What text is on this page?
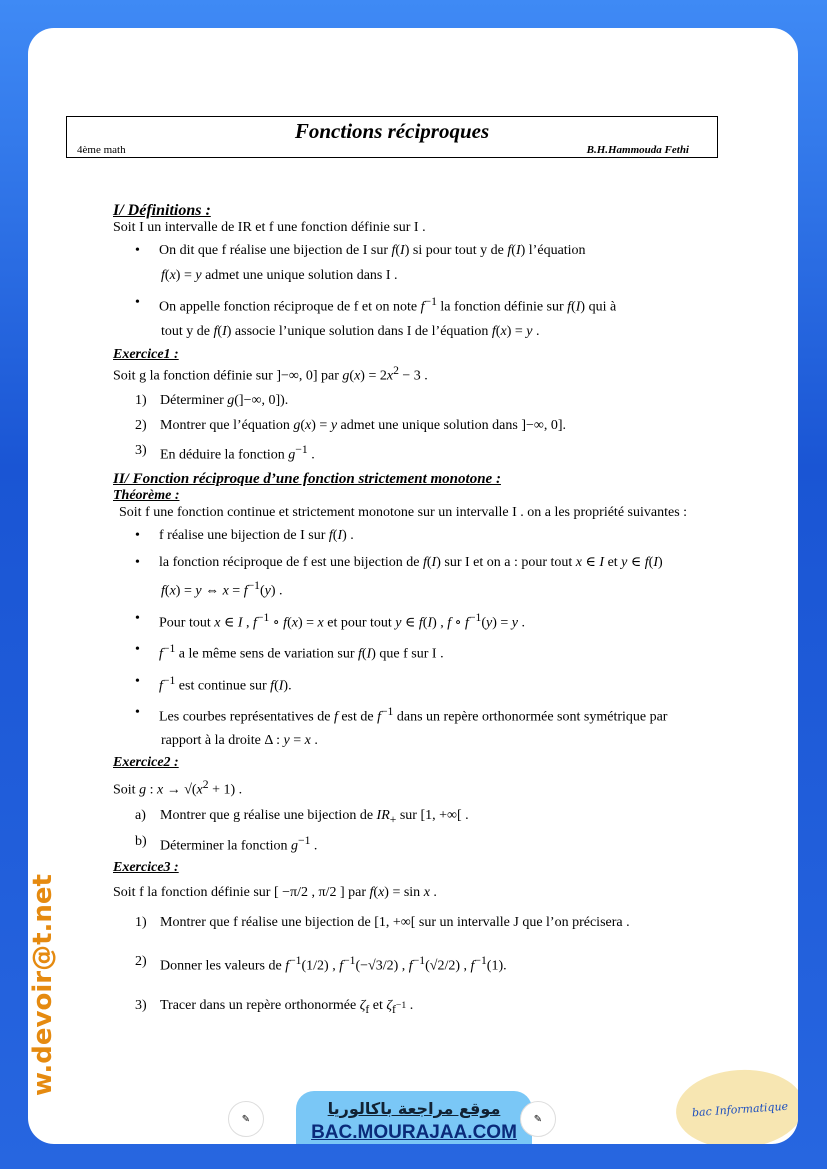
Fonctions réciproques
4ème math	B.H.Hammouda Fethi

I/ Définitions :

Soit I un intervalle de IR et f une fonction définie sur I .

• On dit que f réalise une bijection de I sur f(I) si pour tout y de f(I) l’équation

f(x) = y admet une unique solution dans I .

• On appelle fonction réciproque de f et on note $f^{-1}$ la fonction définie sur f(I) qui à

tout y de f(I) associe l’unique solution dans I de l’équation f(x) = y .

Exercice1 :

Soit g la fonction définie sur ]−∞, 0] par $g(x) = 2x^2 - 3$ .

1) Déterminer g(]−∞, 0]).

2) Montrer que l’équation g(x) = y admet une unique solution dans ]−∞, 0].

3) En déduire la fonction $g^{-1}$ .

II/ Fonction réciproque d’une fonction strictement monotone :

Théorème :

Soit f une fonction continue et strictement monotone sur un intervalle I . on a les propriété suivantes :

• f réalise une bijection de I sur f(I) .

• la fonction réciproque de f est une bijection de f(I) sur I et on a : pour tout x ∈ I et y ∈ f(I)

f(x) = y ⇔ $x = f^{-1}(y)$ .

• Pour tout x ∈ I , $f^{-1}$ ∘ f(x) = x et pour tout y ∈ f(I) , f ∘ $f^{-1}(y) = y$ .

• $f^{-1}$ a le même sens de variation sur f(I) que f sur I .

• $f^{-1}$ est continue sur f(I).

• Les courbes représentatives de f est de $f^{-1}$ dans un repère orthonormée sont symétrique par

rapport à la droite Δ : y = x .

Exercice2 :

Soit g : $x \to √(x^2 + 1)$ .

a) Montrer que g réalise une bijection de $IR_+$ sur [1, +∞[ .

b) Déterminer la fonction $g^{-1}$ .

Exercice3 :

Soit f la fonction définie sur [ −π/2 , π/2 ] par f(x) = sin x .

1) Montrer que f réalise une bijection de [1, +∞[ sur un intervalle J que l’on précisera .

2) Donner les valeurs de $f^{-1}(1/2)$ , $f^{-1}(-√3/2)$ , $f^{-1}(√2/2)$ , $f^{-1}(1)$.

3) Tracer dans un repère orthonormée $\zeta_f$ et $\zeta_{f^{-1}}$ .

✎
موقع مراجعة باكالوريا
BAC.MOURAJAA.COM
✎
bac Informatique
w.devoir@t.net
